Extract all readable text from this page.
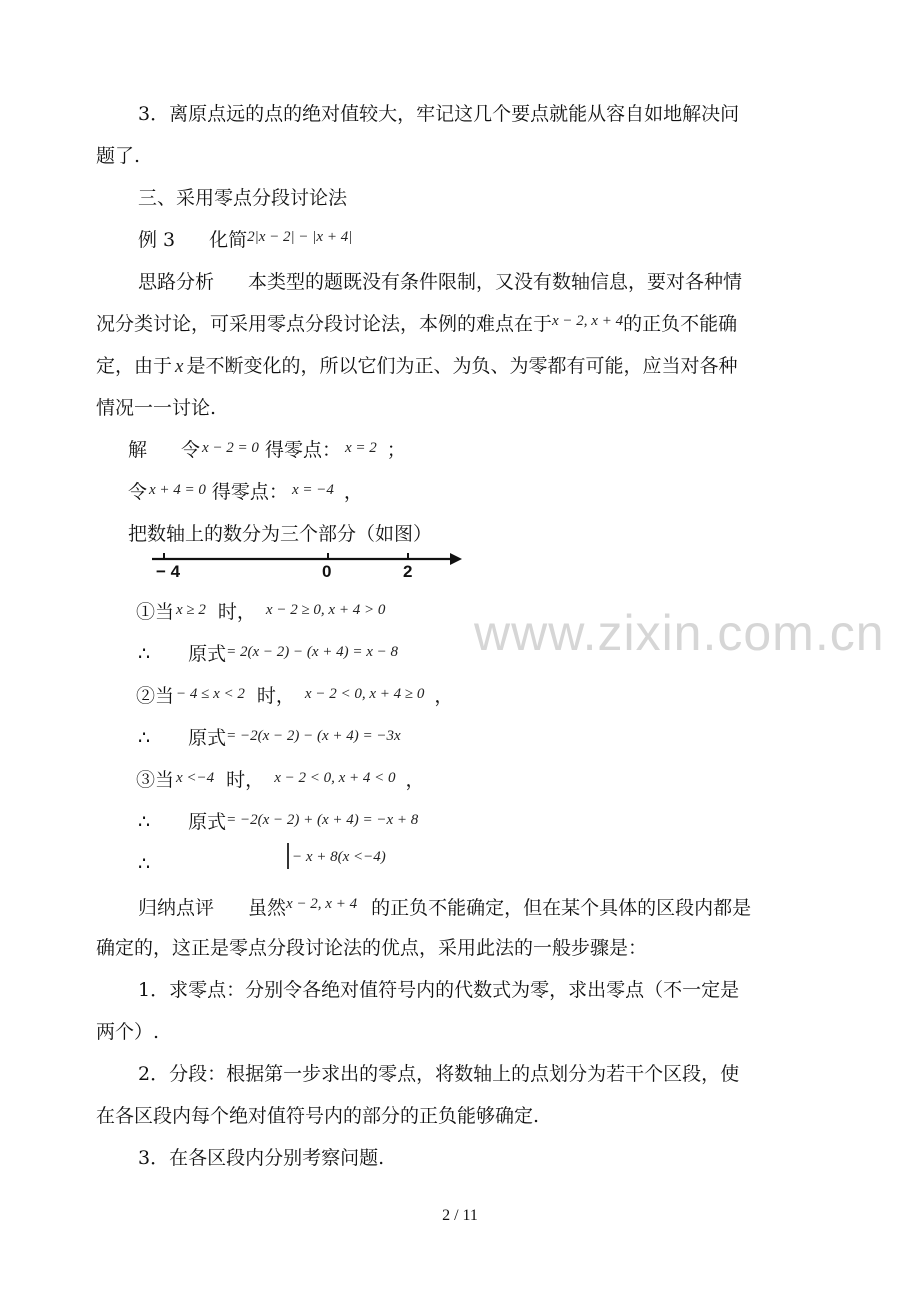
www.zixin.com.cn
3．离原点远的点的绝对值较大，牢记这几个要点就能从容自如地解决问
题了.
三、采用零点分段讨论法
例 3 化简$^{2|x - 2| - |x + 4|}$
思路分析 本类型的题既没有条件限制，又没有数轴信息，要对各种情
况分类讨论，可采用零点分段讨论法，本例的难点在于$^{x - 2, x + 4}$的正负不能确
定，由于 x 是不断变化的，所以它们为正、为负、为零都有可能，应当对各种
情况一一讨论.
解 令 $^{x - 2 = 0}$ 得零点： $^{x = 2}$ ；
令 $^{x + 4 = 0}$ 得零点： $^{x = -4}$ ，
把数轴上的数分为三个部分（如图）
− 4	0	2
①当 $^{x \ge 2}$ 时， $^{x - 2 \ge 0, x + 4 > 0}$
∴ 原式$^{= 2(x - 2) - (x + 4) = x - 8}$
②当 $^{- 4 \le x < 2}$ 时， $^{x - 2 < 0, x + 4 \ge 0}$ ，
∴ 原式$^{= -2(x - 2) - (x + 4) = -3x}$
③当 $^{x <-4}$ 时， $^{x - 2 < 0, x + 4 < 0}$ ，
∴ 原式$^{= -2(x - 2) + (x + 4) = -x + 8}$
∴	− x + 8(x <−4)
归纳点评 虽然$^{x - 2, x + 4}$ 的正负不能确定，但在某个具体的区段内都是
确定的，这正是零点分段讨论法的优点，采用此法的一般步骤是：
1．求零点：分别令各绝对值符号内的代数式为零，求出零点（不一定是
两个）.
2．分段：根据第一步求出的零点，将数轴上的点划分为若干个区段，使
在各区段内每个绝对值符号内的部分的正负能够确定.
3．在各区段内分别考察问题.
2 / 11
